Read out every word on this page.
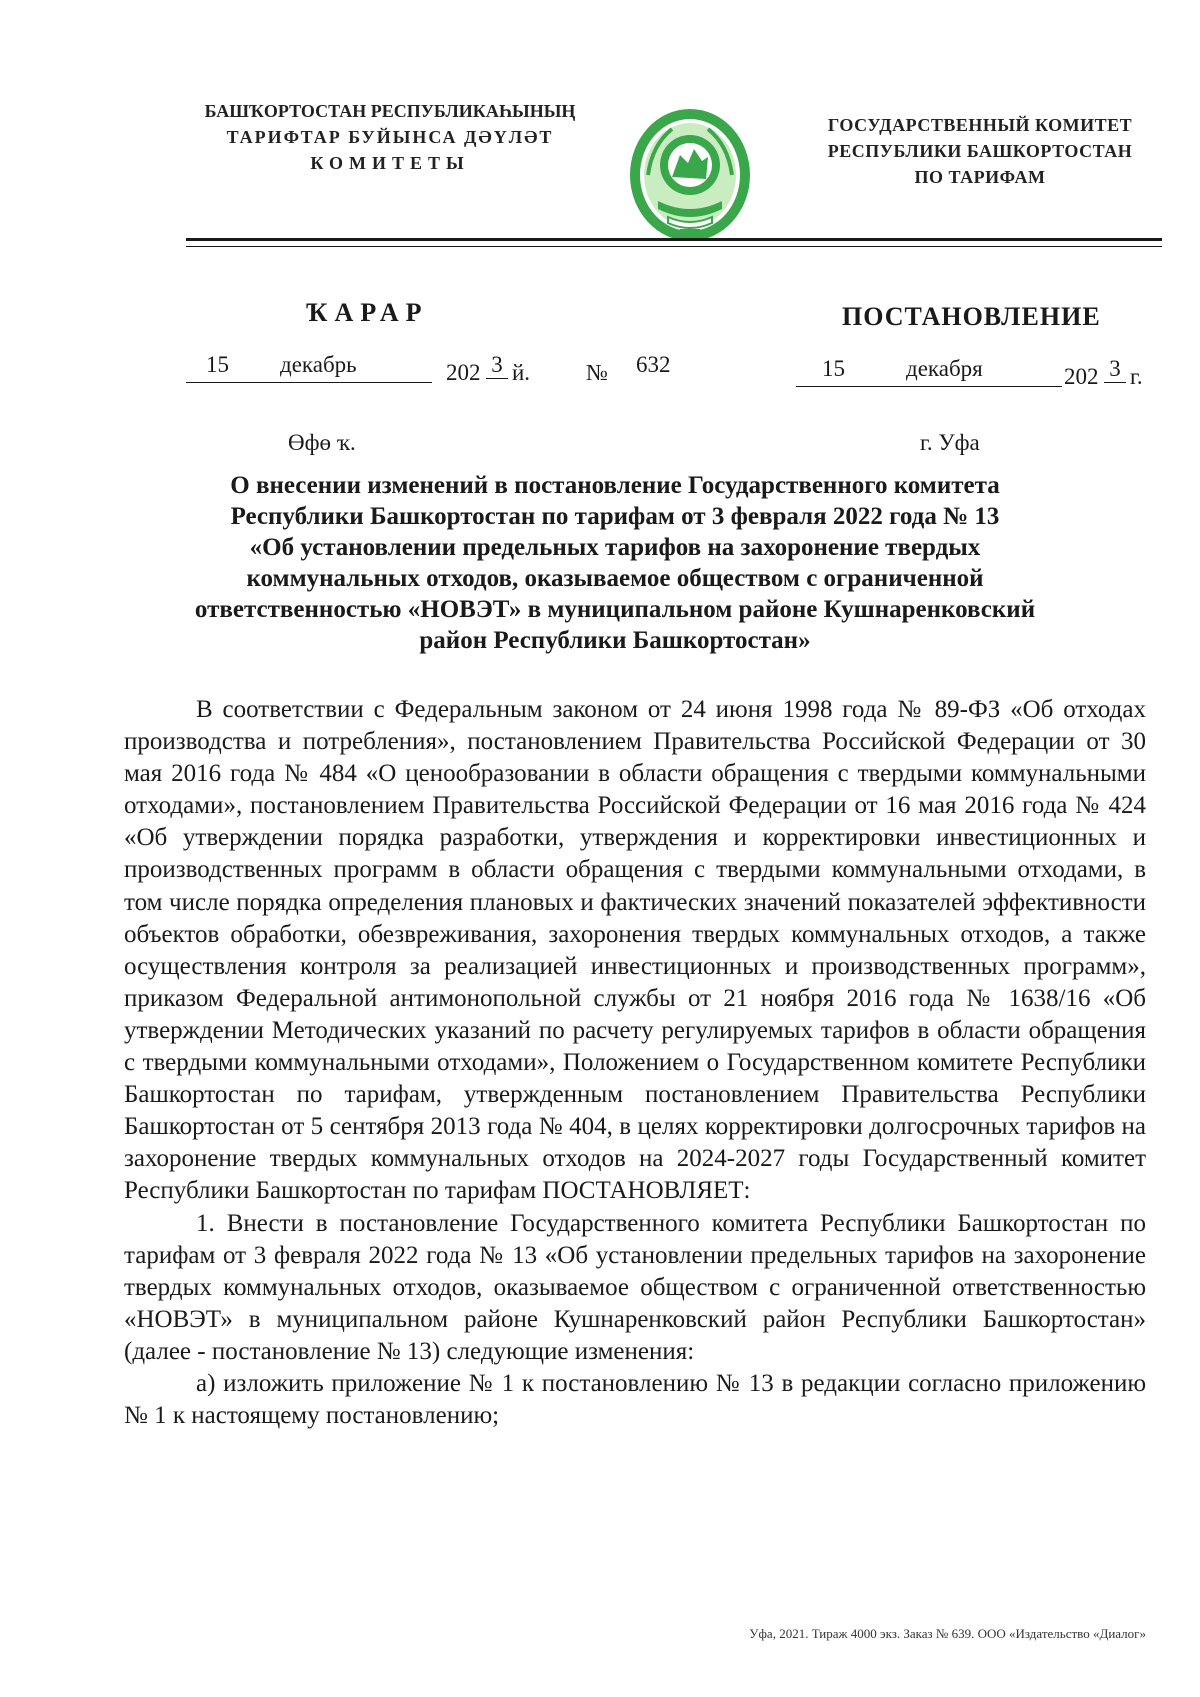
БАШҠОРТОСТАН РЕСПУБЛИКАҺЫНЫҢ
ТАРИФТАР БУЙЫНСА ДӘҮЛӘТ
КОМИТЕТЫ
ГОСУДАРСТВЕННЫЙ КОМИТЕТ
РЕСПУБЛИКИ БАШКОРТОСТАН
ПО ТАРИФАМ
ҠАРАР	ПОСТАНОВЛЕНИЕ
15 декабрь	202 3 й. № 632	15	декабря	202 3 г.
Өфө ҡ.	г. Уфа
О внесении изменений в постановление Государственного комитета
Республики Башкортостан по тарифам от 3 февраля 2022 года № 13
«Об установлении предельных тарифов на захоронение твердых
коммунальных отходов, оказываемое обществом с ограниченной
ответственностью «НОВЭТ» в муниципальном районе Кушнаренковский
район Республики Башкортостан»

В соответствии с Федеральным законом от 24 июня 1998 года № 89-ФЗ «Об отходах производства и потребления», постановлением Правительства Российской Федерации от 30 мая 2016 года № 484 «О ценообразовании в области обращения с твердыми коммунальными отходами», постановлением Правительства Российской Федерации от 16 мая 2016 года № 424 «Об утверждении порядка разработки, утверждения и корректировки инвестиционных и производственных программ в области обращения с твердыми коммунальными отходами, в том числе порядка определения плановых и фактических значений показателей эффективности объектов обработки, обезвреживания, захоронения твердых коммунальных отходов, а также осуществления контроля за реализацией инвестиционных и производственных программ», приказом Федеральной антимонопольной службы от 21 ноября 2016 года № 1638/16 «Об утверждении Методических указаний по расчету регулируемых тарифов в области обращения с твердыми коммунальными отходами», Положением о Государственном комитете Республики Башкортостан по тарифам, утвержденным постановлением Правительства Республики Башкортостан от 5 сентября 2013 года № 404, в целях корректировки долгосрочных тарифов на захоронение твердых коммунальных отходов на 2024-2027 годы Государственный комитет Республики Башкортостан по тарифам ПОСТАНОВЛЯЕТ:

1. Внести в постановление Государственного комитета Республики Башкортостан по тарифам от 3 февраля 2022 года № 13 «Об установлении предельных тарифов на захоронение твердых коммунальных отходов, оказываемое обществом с ограниченной ответственностью «НОВЭТ» в муниципальном районе Кушнаренковский район Республики Башкортостан» (далее - постановление № 13) следующие изменения:

а) изложить приложение № 1 к постановлению № 13 в редакции согласно приложению № 1 к настоящему постановлению;

Уфа, 2021. Тираж 4000 экз. Заказ № 639. ООО «Издательство «Диалог»
